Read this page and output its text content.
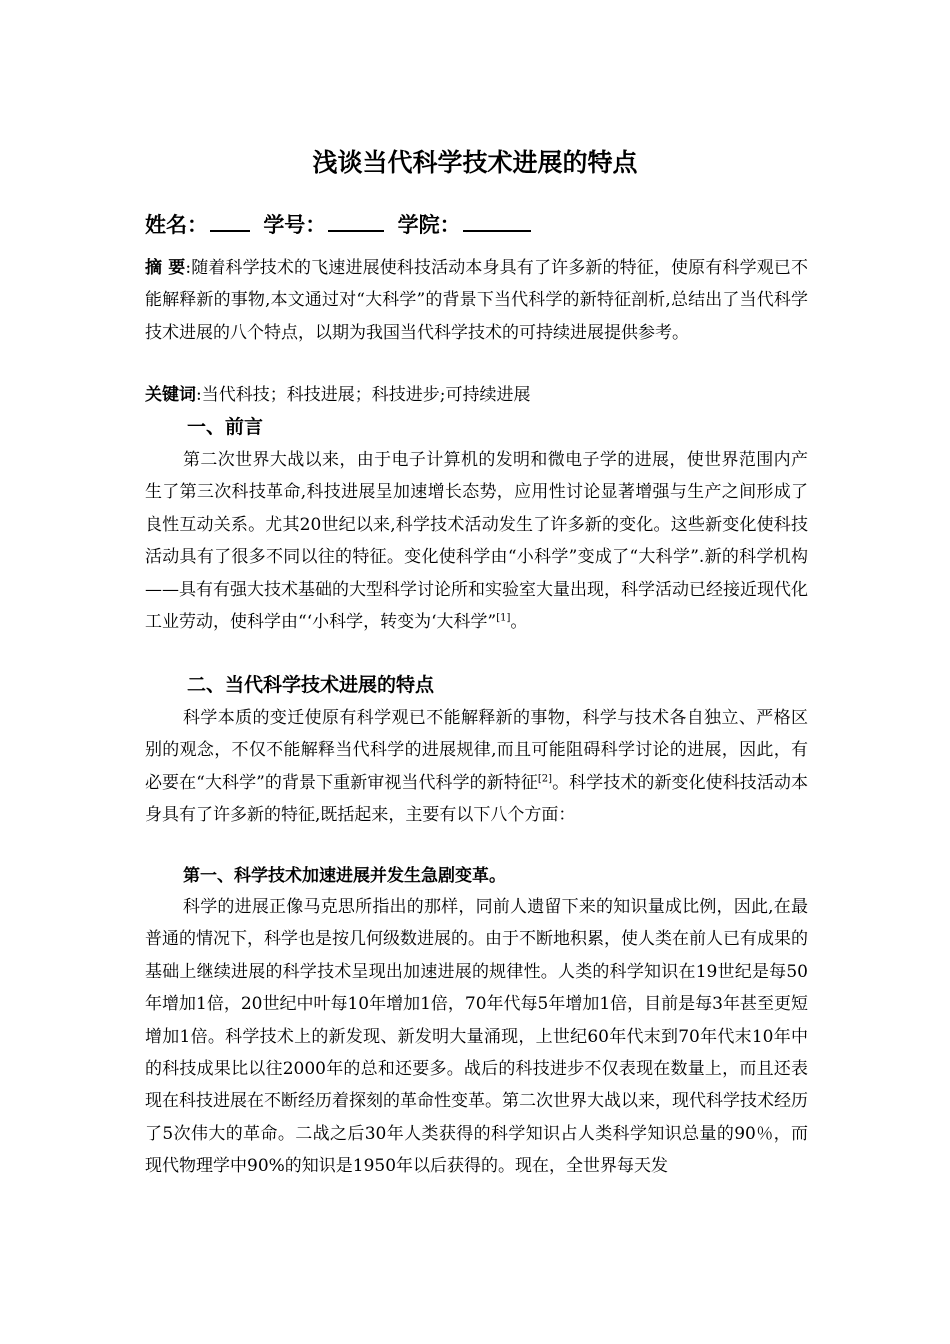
浅谈当代科学技术进展的特点
姓名：	学号：	学院：

摘 要:随着科学技术的飞速进展使科技活动本身具有了许多新的特征，使原有科学观已不能解释新的事物,本文通过对“大科学”的背景下当代科学的新特征剖析,总结出了当代科学技术进展的八个特点，以期为我国当代科学技术的可持续进展提供参考。

关键词:当代科技；科技进展；科技进步;可持续进展

一、前言

第二次世界大战以来，由于电子计算机的发明和微电子学的进展，使世界范围内产生了第三次科技革命,科技进展呈加速增长态势，应用性讨论显著增强与生产之间形成了良性互动关系。尤其20世纪以来,科学技术活动发生了许多新的变化。这些新变化使科技活动具有了很多不同以往的特征。变化使科学由“小科学”变成了“大科学”.新的科学机构——具有有强大技术基础的大型科学讨论所和实验室大量出现，科学活动已经接近现代化工业劳动，使科学由“‘小科学，转变为‘大科学”[1]。

二、当代科学技术进展的特点

科学本质的变迁使原有科学观已不能解释新的事物，科学与技术各自独立、严格区别的观念，不仅不能解释当代科学的进展规律,而且可能阻碍科学讨论的进展，因此，有必要在“大科学”的背景下重新审视当代科学的新特征[2]。科学技术的新变化使科技活动本身具有了许多新的特征,既括起来，主要有以下八个方面：

第一、科学技术加速进展并发生急剧变革。

科学的进展正像马克思所指出的那样，同前人遗留下来的知识量成比例，因此,在最普通的情况下，科学也是按几何级数进展的。由于不断地积累，使人类在前人已有成果的基础上继续进展的科学技术呈现出加速进展的规律性。人类的科学知识在19世纪是每50年增加1倍，20世纪中叶每10年增加1倍，70年代每5年增加1倍，目前是每3年甚至更短增加1倍。科学技术上的新发现、新发明大量涌现，上世纪60年代末到70年代末10年中的科技成果比以往2000年的总和还要多。战后的科技进步不仅表现在数量上，而且还表现在科技进展在不断经历着探刻的革命性变革。第二次世界大战以来，现代科学技术经历了5次伟大的革命。二战之后30年人类获得的科学知识占人类科学知识总量的90％，而现代物理学中90%的知识是1950年以后获得的。现在，全世界每天发
